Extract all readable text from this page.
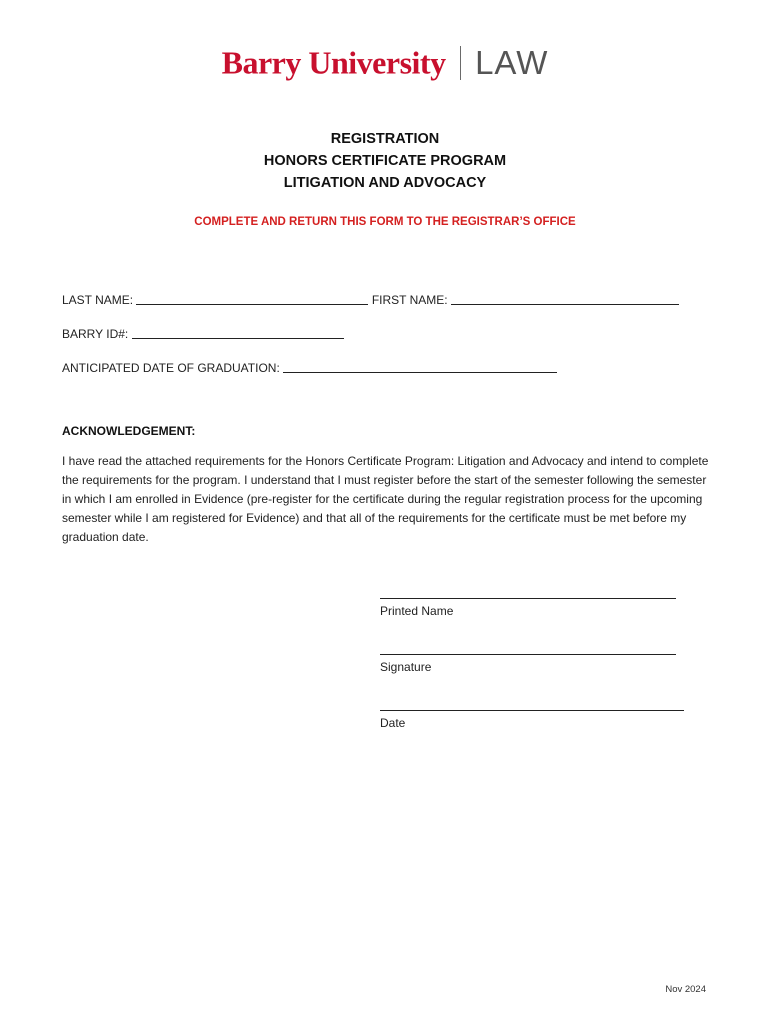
Barry University LAW
REGISTRATION
HONORS CERTIFICATE PROGRAM
LITIGATION AND ADVOCACY
COMPLETE AND RETURN THIS FORM TO THE REGISTRAR’S OFFICE
LAST NAME:	FIRST NAME:
BARRY ID#:
ANTICIPATED DATE OF GRADUATION:
ACKNOWLEDGEMENT:
I have read the attached requirements for the Honors Certificate Program: Litigation and Advocacy and intend to complete the requirements for the program. I understand that I must register before the start of the semester following the semester in which I am enrolled in Evidence (pre-register for the certificate during the regular registration process for the upcoming semester while I am registered for Evidence) and that all of the requirements for the certificate must be met before my graduation date.
Printed Name
Signature
Date
Nov 2024
